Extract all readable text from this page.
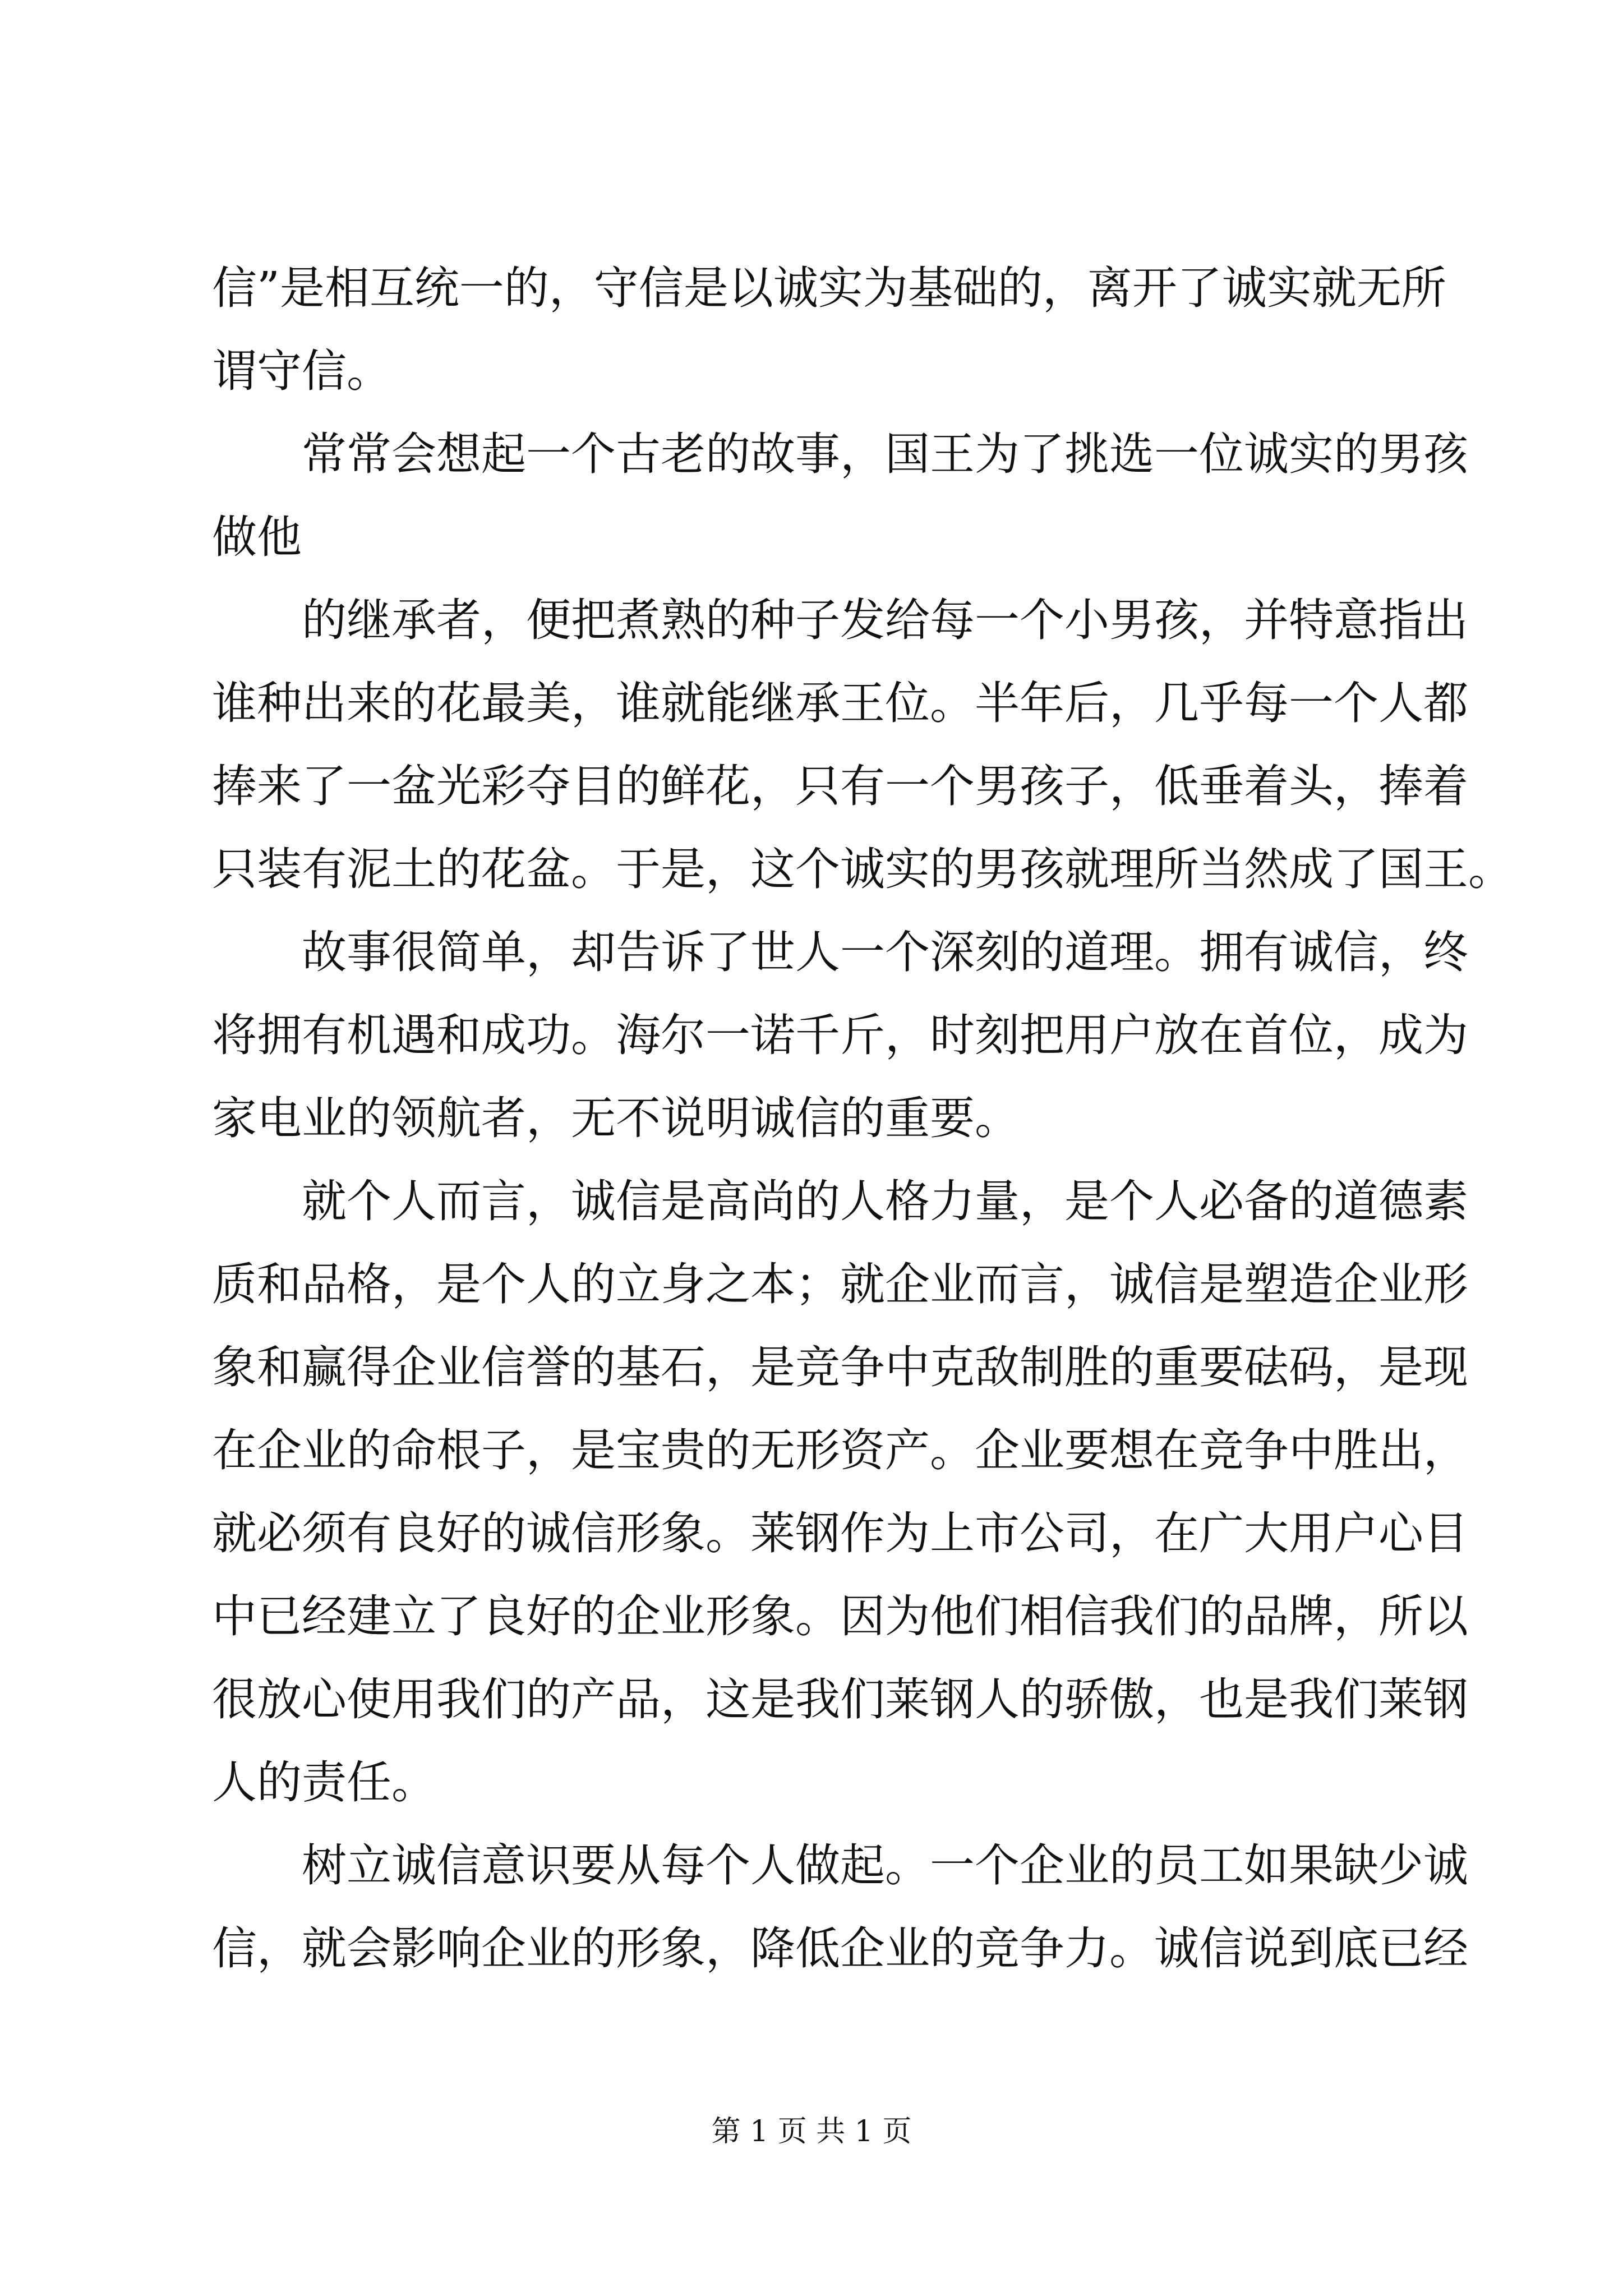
信”是相互统一的，守信是以诚实为基础的，离开了诚实就无所
谓守信。
常常会想起一个古老的故事，国王为了挑选一位诚实的男孩
做他
的继承者，便把煮熟的种子发给每一个小男孩，并特意指出
谁种出来的花最美，谁就能继承王位。半年后，几乎每一个人都
捧来了一盆光彩夺目的鲜花，只有一个男孩子，低垂着头，捧着
只装有泥土的花盆。于是，这个诚实的男孩就理所当然成了国王。
故事很简单，却告诉了世人一个深刻的道理。拥有诚信，终
将拥有机遇和成功。海尔一诺千斤，时刻把用户放在首位，成为
家电业的领航者，无不说明诚信的重要。
就个人而言，诚信是高尚的人格力量，是个人必备的道德素
质和品格，是个人的立身之本；就企业而言，诚信是塑造企业形
象和赢得企业信誉的基石，是竞争中克敌制胜的重要砝码，是现
在企业的命根子，是宝贵的无形资产。企业要想在竞争中胜出，
就必须有良好的诚信形象。莱钢作为上市公司，在广大用户心目
中已经建立了良好的企业形象。因为他们相信我们的品牌，所以
很放心使用我们的产品，这是我们莱钢人的骄傲，也是我们莱钢
人的责任。
树立诚信意识要从每个人做起。一个企业的员工如果缺少诚
信，就会影响企业的形象，降低企业的竞争力。诚信说到底已经
第 1 页 共 1 页
